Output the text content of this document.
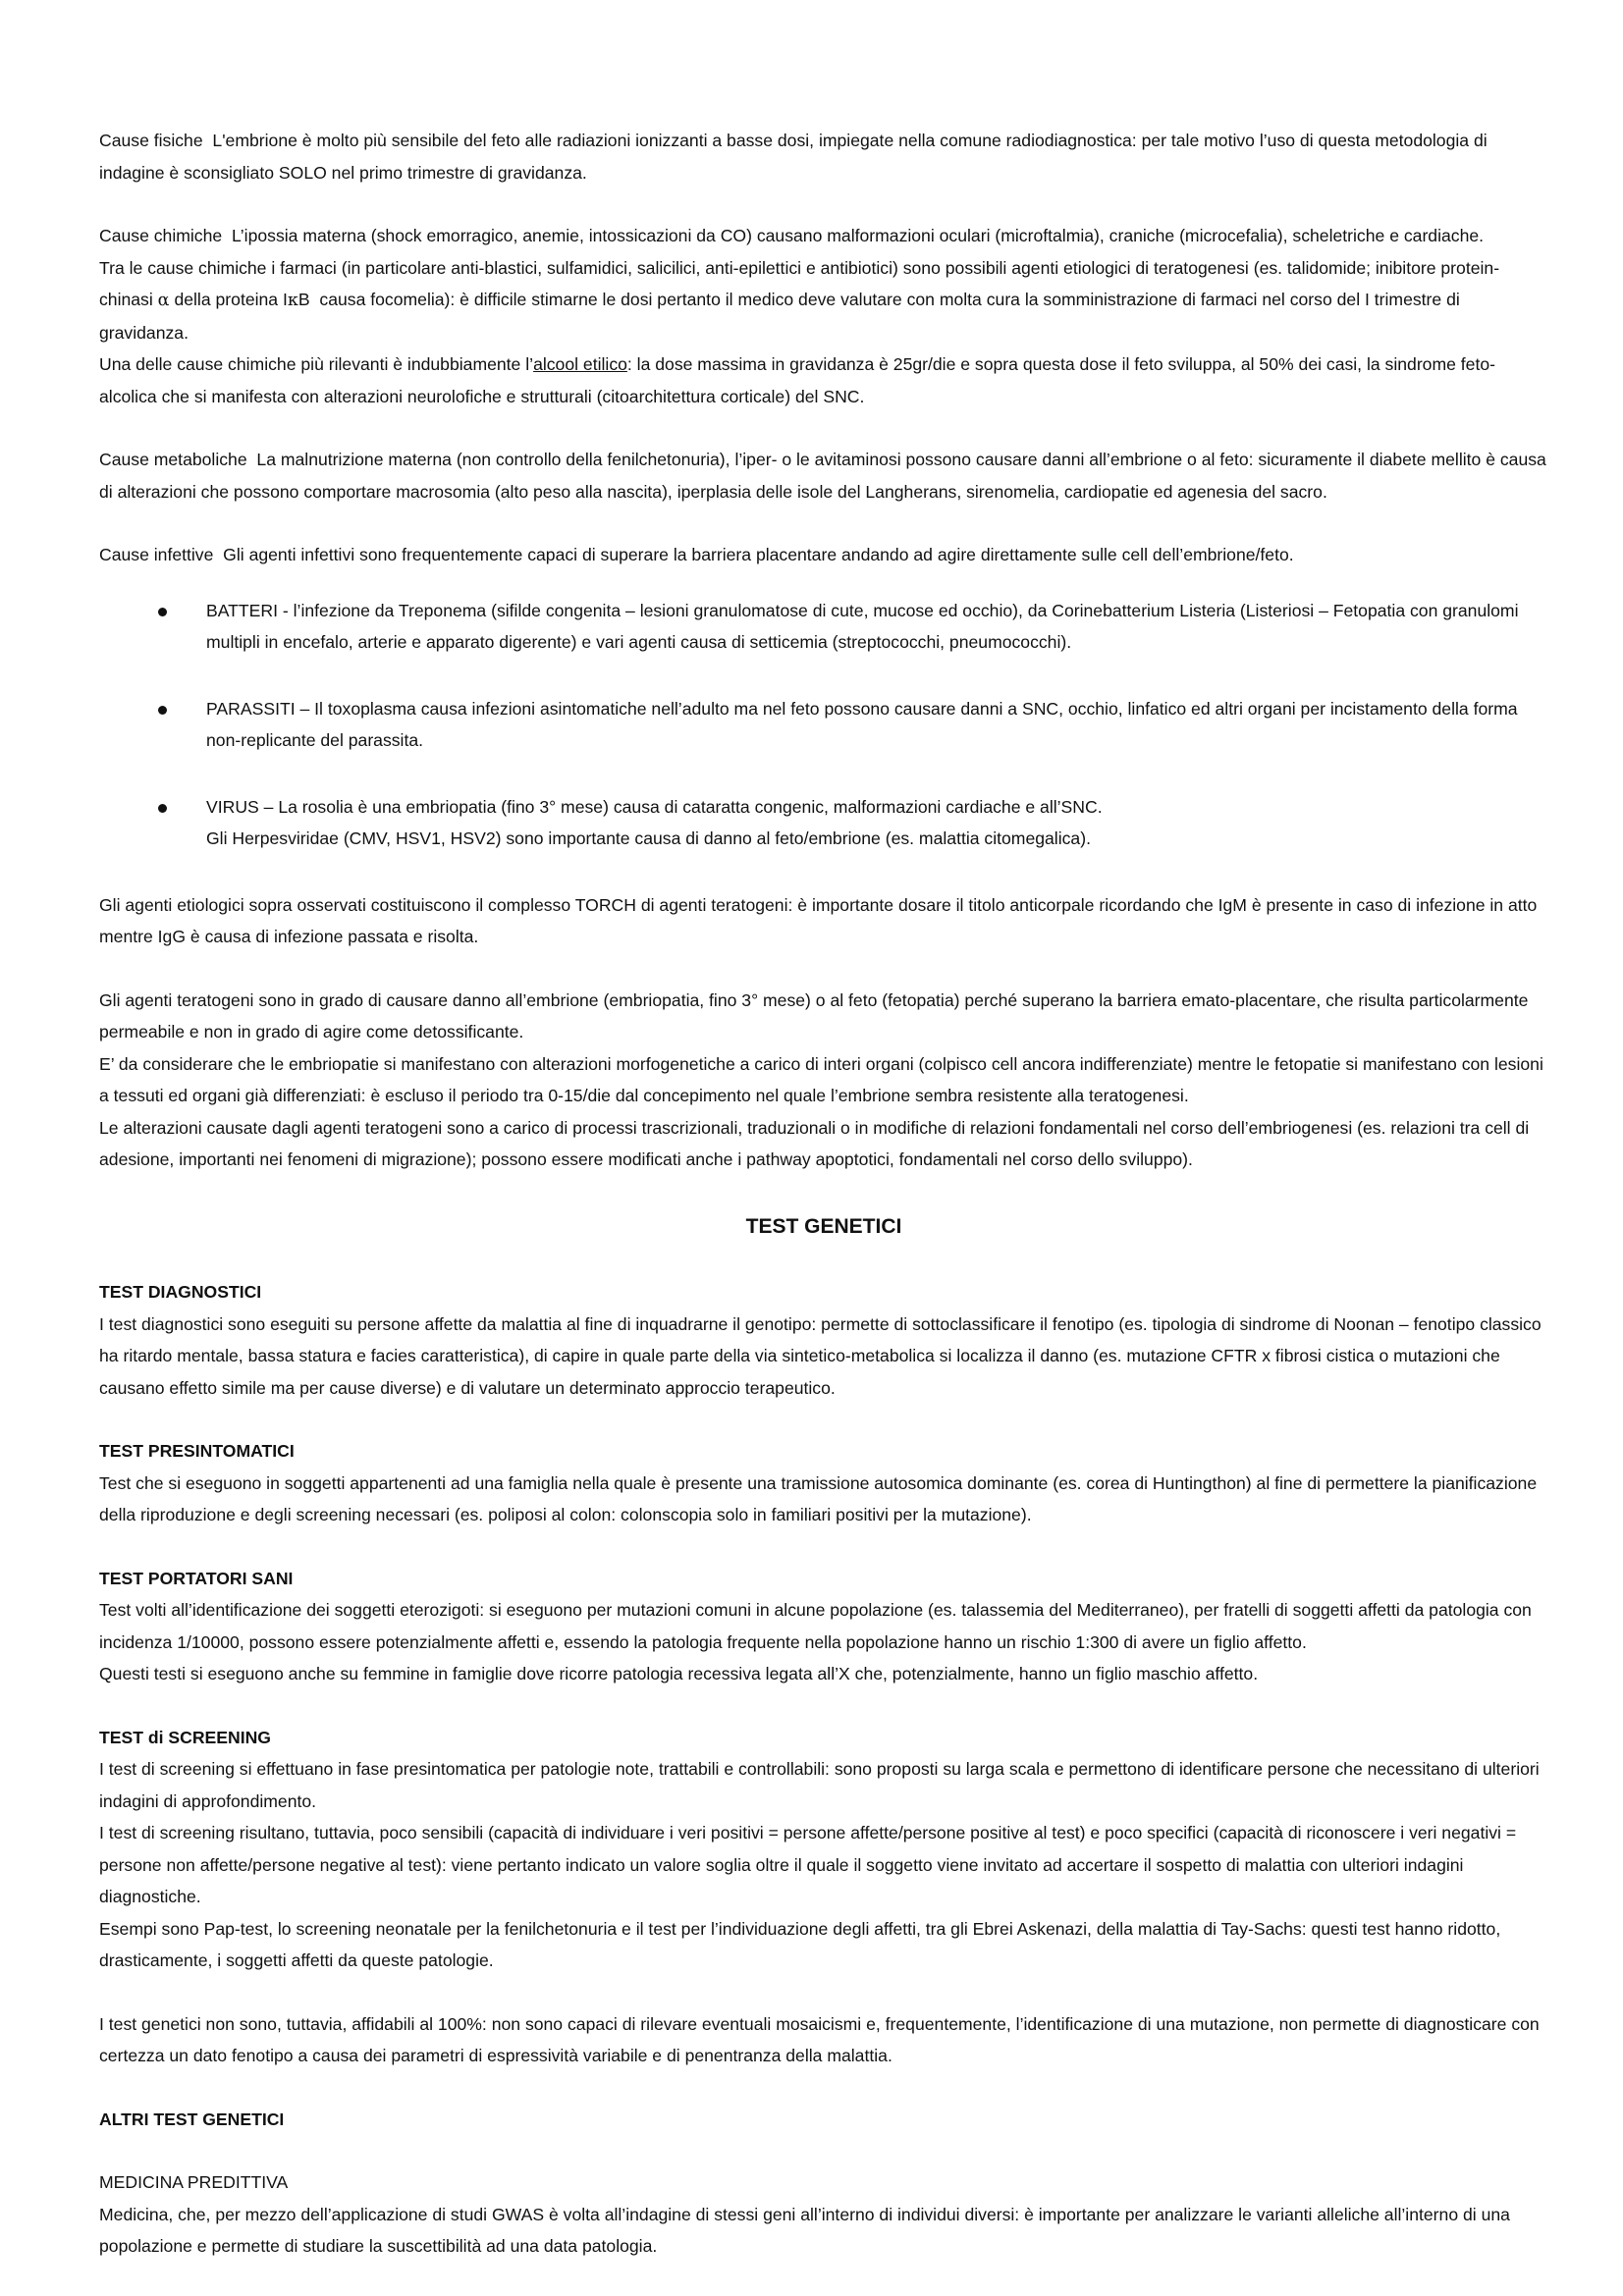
Cause fisiche L'embrione è molto più sensibile del feto alle radiazioni ionizzanti a basse dosi, impiegate nella comune radiodiagnostica: per tale motivo l’uso di questa metodologia di indagine è sconsigliato SOLO nel primo trimestre di gravidanza.

Cause chimiche L’ipossia materna (shock emorragico, anemie, intossicazioni da CO) causano malformazioni oculari (microftalmia), craniche (microcefalia), scheletriche e cardiache.

Tra le cause chimiche i farmaci (in particolare anti-blastici, sulfamidici, salicilici, anti-epilettici e antibiotici) sono possibili agenti etiologici di teratogenesi (es. talidomide; inibitore protein-chinasi α della proteina IκB causa focomelia): è difficile stimarne le dosi pertanto il medico deve valutare con molta cura la somministrazione di farmaci nel corso del I trimestre di gravidanza.

Una delle cause chimiche più rilevanti è indubbiamente l’alcool etilico: la dose massima in gravidanza è 25gr/die e sopra questa dose il feto sviluppa, al 50% dei casi, la sindrome feto-alcolica che si manifesta con alterazioni neurolofiche e strutturali (citoarchitettura corticale) del SNC.

Cause metaboliche La malnutrizione materna (non controllo della fenilchetonuria), l’iper- o le avitaminosi possono causare danni all’embrione o al feto: sicuramente il diabete mellito è causa di alterazioni che possono comportare macrosomia (alto peso alla nascita), iperplasia delle isole del Langherans, sirenomelia, cardiopatie ed agenesia del sacro.

Cause infettive Gli agenti infettivi sono frequentemente capaci di superare la barriera placentare andando ad agire direttamente sulle cell dell’embrione/feto.

BATTERI - l’infezione da Treponema (sifilde congenita – lesioni granulomatose di cute, mucose ed occhio), da Corinebatterium Listeria (Listeriosi – Fetopatia con granulomi multipli in encefalo, arterie e apparato digerente) e vari agenti causa di setticemia (streptococchi, pneumococchi).

PARASSITI – Il toxoplasma causa infezioni asintomatiche nell’adulto ma nel feto possono causare danni a SNC, occhio, linfatico ed altri organi per incistamento della forma non-replicante del parassita.

VIRUS – La rosolia è una embriopatia (fino 3° mese) causa di cataratta congenic, malformazioni cardiache e all’SNC.

Gli Herpesviridae (CMV, HSV1, HSV2) sono importante causa di danno al feto/embrione (es. malattia citomegalica).

Gli agenti etiologici sopra osservati costituiscono il complesso TORCH di agenti teratogeni: è importante dosare il titolo anticorpale ricordando che IgM è presente in caso di infezione in atto mentre IgG è causa di infezione passata e risolta.

Gli agenti teratogeni sono in grado di causare danno all’embrione (embriopatia, fino 3° mese) o al feto (fetopatia) perché superano la barriera emato-placentare, che risulta particolarmente permeabile e non in grado di agire come detossificante.

E’ da considerare che le embriopatie si manifestano con alterazioni morfogenetiche a carico di interi organi (colpisco cell ancora indifferenziate) mentre le fetopatie si manifestano con lesioni a tessuti ed organi già differenziati: è escluso il periodo tra 0-15/die dal concepimento nel quale l’embrione sembra resistente alla teratogenesi.

Le alterazioni causate dagli agenti teratogeni sono a carico di processi trascrizionali, traduzionali o in modifiche di relazioni fondamentali nel corso dell’embriogenesi (es. relazioni tra cell di adesione, importanti nei fenomeni di migrazione); possono essere modificati anche i pathway apoptotici, fondamentali nel corso dello sviluppo).

TEST GENETICI

TEST DIAGNOSTICI

I test diagnostici sono eseguiti su persone affette da malattia al fine di inquadrarne il genotipo: permette di sottoclassificare il fenotipo (es. tipologia di sindrome di Noonan – fenotipo classico ha ritardo mentale, bassa statura e facies caratteristica), di capire in quale parte della via sintetico-metabolica si localizza il danno (es. mutazione CFTR x fibrosi cistica o mutazioni che causano effetto simile ma per cause diverse) e di valutare un determinato approccio terapeutico.

TEST PRESINTOMATICI

Test che si eseguono in soggetti appartenenti ad una famiglia nella quale è presente una tramissione autosomica dominante (es. corea di Huntingthon) al fine di permettere la pianificazione della riproduzione e degli screening necessari (es. poliposi al colon: colonscopia solo in familiari positivi per la mutazione).

TEST PORTATORI SANI

Test volti all’identificazione dei soggetti eterozigoti: si eseguono per mutazioni comuni in alcune popolazione (es. talassemia del Mediterraneo), per fratelli di soggetti affetti da patologia con incidenza 1/10000, possono essere potenzialmente affetti e, essendo la patologia frequente nella popolazione hanno un rischio 1:300 di avere un figlio affetto.

Questi testi si eseguono anche su femmine in famiglie dove ricorre patologia recessiva legata all’X che, potenzialmente, hanno un figlio maschio affetto.

TEST di SCREENING

I test di screening si effettuano in fase presintomatica per patologie note, trattabili e controllabili: sono proposti su larga scala e permettono di identificare persone che necessitano di ulteriori indagini di approfondimento.

I test di screening risultano, tuttavia, poco sensibili (capacità di individuare i veri positivi = persone affette/persone positive al test) e poco specifici (capacità di riconoscere i veri negativi = persone non affette/persone negative al test): viene pertanto indicato un valore soglia oltre il quale il soggetto viene invitato ad accertare il sospetto di malattia con ulteriori indagini diagnostiche.

Esempi sono Pap-test, lo screening neonatale per la fenilchetonuria e il test per l’individuazione degli affetti, tra gli Ebrei Askenazi, della malattia di Tay-Sachs: questi test hanno ridotto, drasticamente, i soggetti affetti da queste patologie.

I test genetici non sono, tuttavia, affidabili al 100%: non sono capaci di rilevare eventuali mosaicismi e, frequentemente, l’identificazione di una mutazione, non permette di diagnosticare con certezza un dato fenotipo a causa dei parametri di espressività variabile e di penentranza della malattia.

ALTRI TEST GENETICI

MEDICINA PREDITTIVA

Medicina, che, per mezzo dell’applicazione di studi GWAS è volta all’indagine di stessi geni all’interno di individui diversi: è importante per analizzare le varianti alleliche all’interno di una popolazione e permette di studiare la suscettibilità ad una data patologia.
